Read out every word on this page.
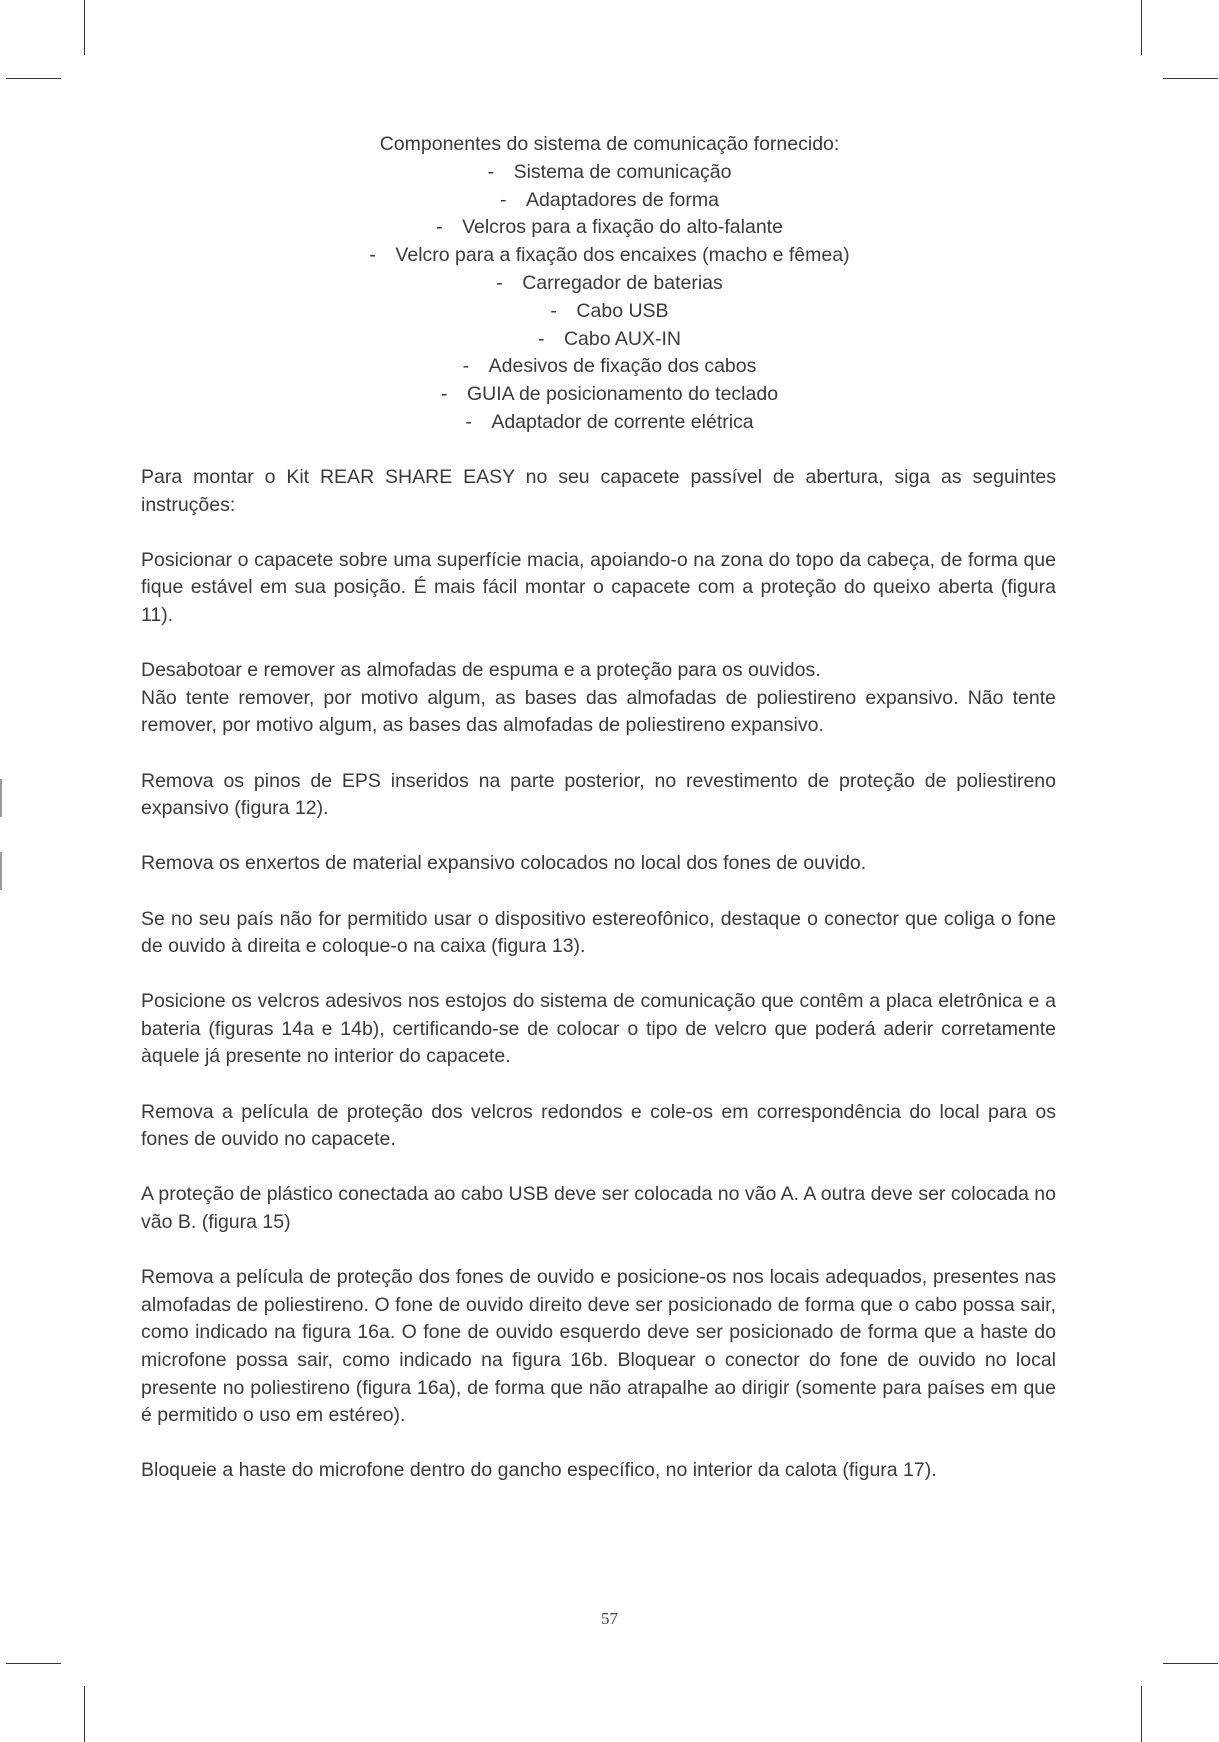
Componentes do sistema de comunicação fornecido:

- Sistema de comunicação
- Adaptadores de forma
- Velcros para a fixação do alto-falante
- Velcro para a fixação dos encaixes (macho e fêmea)
- Carregador de baterias
- Cabo USB
- Cabo AUX-IN
- Adesivos de fixação dos cabos
- GUIA de posicionamento do teclado
- Adaptador de corrente elétrica

Para montar o Kit REAR SHARE EASY no seu capacete passível de abertura, siga as seguintes instruções:

Posicionar o capacete sobre uma superfície macia, apoiando-o na zona do topo da cabeça, de forma que fique estável em sua posição. É mais fácil montar o capacete com a proteção do queixo aberta (figura 11).

Desabotoar e remover as almofadas de espuma e a proteção para os ouvidos.

Não tente remover, por motivo algum, as bases das almofadas de poliestireno expansivo. Não tente remover, por motivo algum, as bases das almofadas de poliestireno expansivo.

Remova os pinos de EPS inseridos na parte posterior, no revestimento de proteção de poliestireno expansivo (figura 12).

Remova os enxertos de material expansivo colocados no local dos fones de ouvido.

Se no seu país não for permitido usar o dispositivo estereofônico, destaque o conector que coliga o fone de ouvido à direita e coloque-o na caixa (figura 13).

Posicione os velcros adesivos nos estojos do sistema de comunicação que contêm a placa eletrônica e a bateria (figuras 14a e 14b), certificando-se de colocar o tipo de velcro que poderá aderir corretamente àquele já presente no interior do capacete.

Remova a película de proteção dos velcros redondos e cole-os em correspondência do local para os fones de ouvido no capacete.

A proteção de plástico conectada ao cabo USB deve ser colocada no vão A. A outra deve ser colocada no vão B. (figura 15)

Remova a película de proteção dos fones de ouvido e posicione-os nos locais adequados, presentes nas almofadas de poliestireno. O fone de ouvido direito deve ser posicionado de forma que o cabo possa sair, como indicado na figura 16a. O fone de ouvido esquerdo deve ser posicionado de forma que a haste do microfone possa sair, como indicado na figura 16b. Bloquear o conector do fone de ouvido no local presente no poliestireno (figura 16a), de forma que não atrapalhe ao dirigir (somente para países em que é permitido o uso em estéreo).

Bloqueie a haste do microfone dentro do gancho específico, no interior da calota (figura 17).

57
